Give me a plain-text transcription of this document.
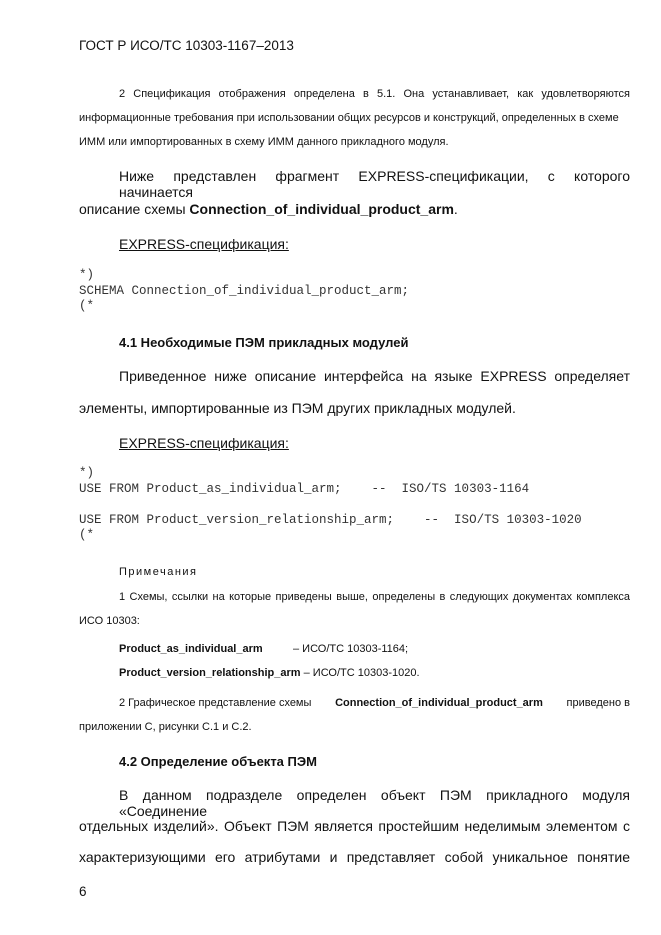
ГОСТ Р ИСО/ТС 10303-1167–2013
2 Спецификация отображения определена в 5.1. Она устанавливает, как удовлетворяются
информационные требования при использовании общих ресурсов и конструкций, определенных в схеме
ИММ или импортированных в схему ИММ данного прикладного модуля.
Ниже представлен фрагмент EXPRESS-спецификации, с которого начинается
описание схемы Connection_of_individual_product_arm.
EXPRESS-спецификация:
*)
SCHEMA Connection_of_individual_product_arm;
(*
4.1 Необходимые ПЭМ прикладных модулей
Приведенное ниже описание интерфейса на языке EXPRESS определяет
элементы, импортированные из ПЭМ других прикладных модулей.
EXPRESS-спецификация:
*)
USE FROM Product_as_individual_arm;    --  ISO/TS 10303-1164
USE FROM Product_version_relationship_arm;    --  ISO/TS 10303-1020
(*
Примечания
1 Схемы, ссылки на которые приведены выше, определены в следующих документах комплекса
ИСО 10303:
Product_as_individual_arm	– ИСО/ТС 10303-1164;
Product_version_relationship_arm – ИСО/ТС 10303-1020.
2 Графическое представление схемы Connection_of_individual_product_arm приведено в
приложении С, рисунки С.1 и С.2.
4.2 Определение объекта ПЭМ
В данном подразделе определен объект ПЭМ прикладного модуля «Соединение
отдельных изделий». Объект ПЭМ является простейшим неделимым элементом с
характеризующими его атрибутами и представляет собой уникальное понятие
6
